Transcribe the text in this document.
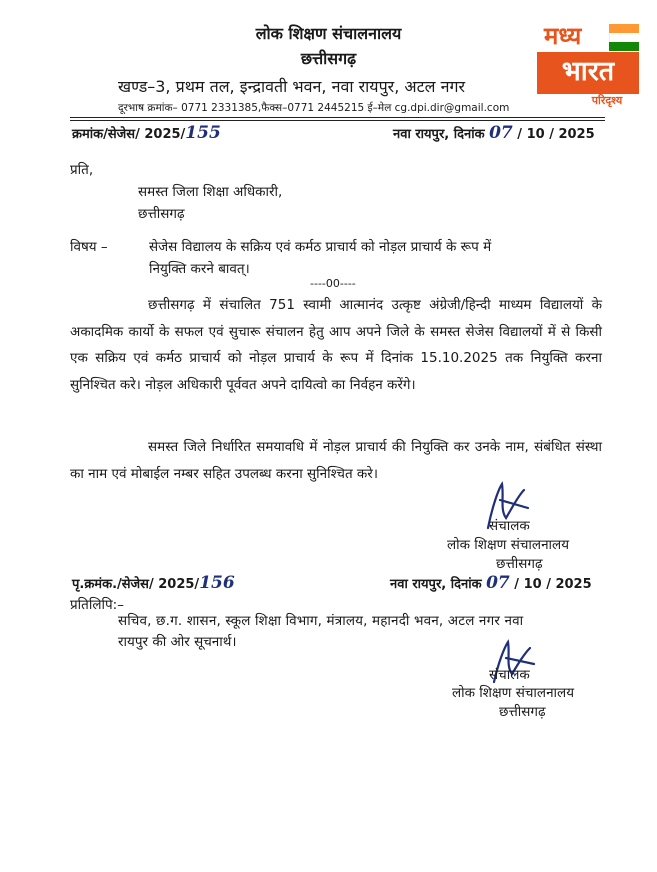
लोक शिक्षण संचालनालय
छत्तीसगढ़
खण्ड–3, प्रथम तल, इन्द्रावती भवन, नवा रायपुर, अटल नगर
दूरभाष क्रमांक– 0771 2331385,फैक्स–0771 2445215 ई–मेल cg.dpi.dir@gmail.com
मध्य
भारत
परिदृश्य
क्रमांक/सेजेस/ 2025/155	नवा रायपुर, दिनांक 07 / 10 / 2025
प्रति,
समस्त जिला शिक्षा अधिकारी,
छत्तीसगढ़
विषय –	सेजेस विद्यालय के सक्रिय एवं कर्मठ प्राचार्य को नोड़ल प्राचार्य के रूप में
नियुक्ति करने बावत्।
----00----
छत्तीसगढ़ में संचालित 751 स्वामी आत्मानंद उत्कृष्ट अंग्रेजी/हिन्दी माध्यम विद्यालयों के अकादमिक कार्यो के सफल एवं सुचारू संचालन हेतु आप अपने जिले के समस्त सेजेस विद्यालयों में से किसी एक सक्रिय एवं कर्मठ प्राचार्य को नोड़ल प्राचार्य के रूप में दिनांक 15.10.2025 तक नियुक्ति करना सुनिश्चित करे। नोड़ल अधिकारी पूर्ववत अपने दायित्वो का निर्वहन करेंगे।
समस्त जिले निर्धारित समयावधि में नोड़ल प्राचार्य की नियुक्ति कर उनके नाम, संबंधित संस्था का नाम एवं मोबाईल नम्बर सहित उपलब्ध करना सुनिश्चित करे।
संचालक
लोक शिक्षण संचालनालय
छत्तीसगढ़
पृ.क्रमंक./सेजेस/ 2025/156	नवा रायपुर, दिनांक 07 / 10 / 2025
प्रतिलिपि:–
सचिव, छ.ग. शासन, स्कूल शिक्षा विभाग, मंत्रालय, महानदी भवन, अटल नगर नवा
रायपुर की ओर सूचनार्थ।
संचालक
लोक शिक्षण संचालनालय
छत्तीसगढ़
